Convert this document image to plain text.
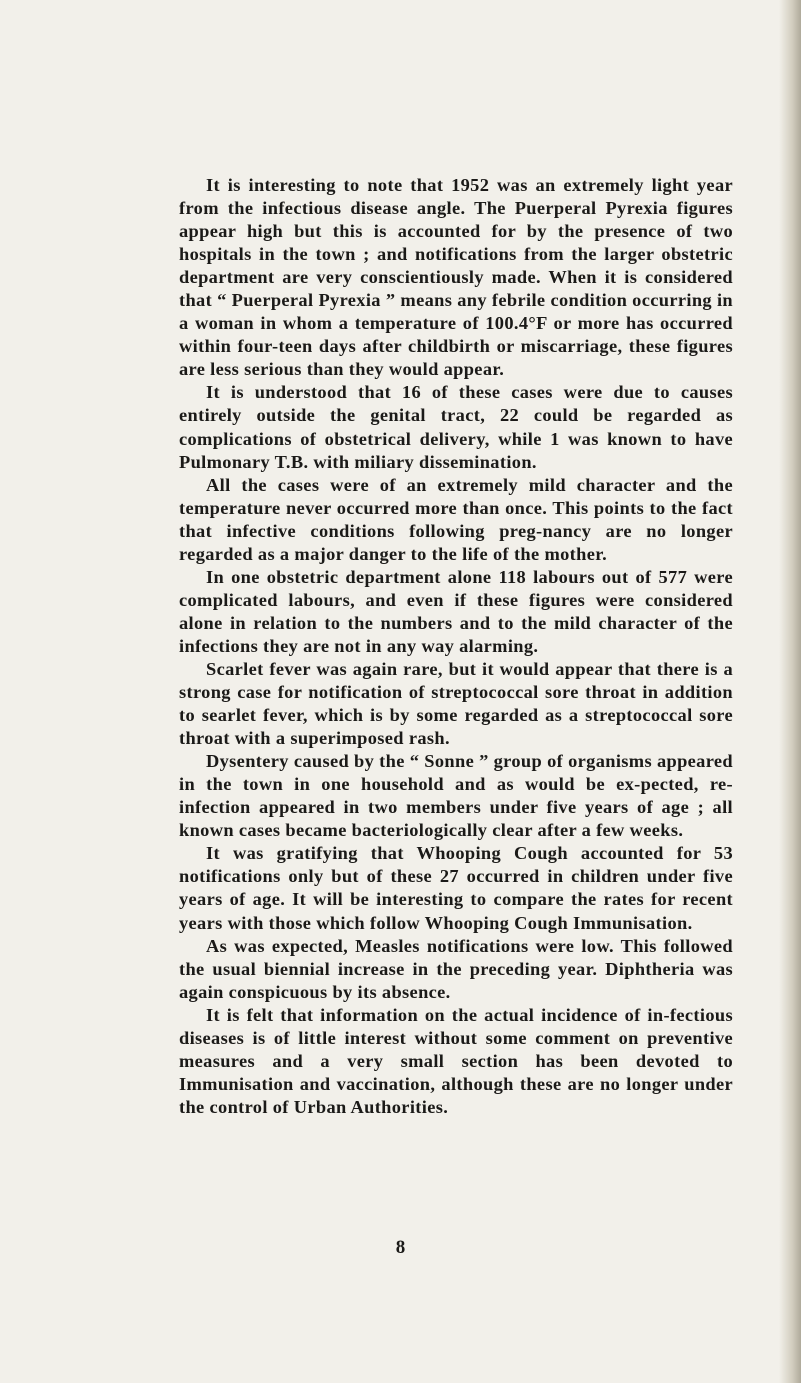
It is interesting to note that 1952 was an extremely light year from the infectious disease angle. The Puerperal Pyrexia figures appear high but this is accounted for by the presence of two hospitals in the town ; and notifications from the larger obstetric department are very conscientiously made. When it is considered that “ Puerperal Pyrexia ” means any febrile condition occurring in a woman in whom a temperature of 100.4°F or more has occurred within four-teen days after childbirth or miscarriage, these figures are less serious than they would appear.

It is understood that 16 of these cases were due to causes entirely outside the genital tract, 22 could be regarded as complications of obstetrical delivery, while 1 was known to have Pulmonary T.B. with miliary dissemination.

All the cases were of an extremely mild character and the temperature never occurred more than once. This points to the fact that infective conditions following preg-nancy are no longer regarded as a major danger to the life of the mother.

In one obstetric department alone 118 labours out of 577 were complicated labours, and even if these figures were considered alone in relation to the numbers and to the mild character of the infections they are not in any way alarming.

Scarlet fever was again rare, but it would appear that there is a strong case for notification of streptococcal sore throat in addition to searlet fever, which is by some regarded as a streptococcal sore throat with a superimposed rash.

Dysentery caused by the “ Sonne ” group of organisms appeared in the town in one household and as would be ex-pected, re-infection appeared in two members under five years of age ; all known cases became bacteriologically clear after a few weeks.

It was gratifying that Whooping Cough accounted for 53 notifications only but of these 27 occurred in children under five years of age. It will be interesting to compare the rates for recent years with those which follow Whooping Cough Immunisation.

As was expected, Measles notifications were low. This followed the usual biennial increase in the preceding year. Diphtheria was again conspicuous by its absence.

It is felt that information on the actual incidence of in-fectious diseases is of little interest without some comment on preventive measures and a very small section has been devoted to Immunisation and vaccination, although these are no longer under the control of Urban Authorities.

8
